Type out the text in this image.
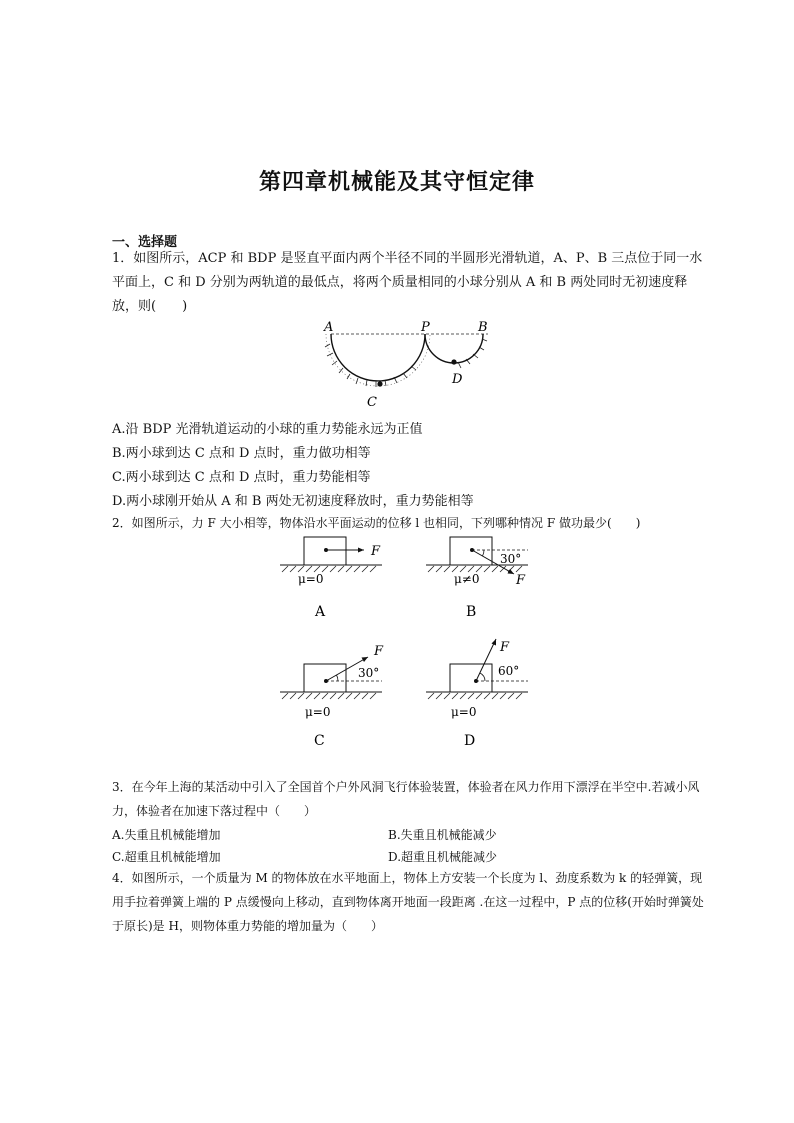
第四章机械能及其守恒定律
一、选择题
1．如图所示，ACP 和 BDP 是竖直平面内两个半径不同的半圆形光滑轨道，A、P、B 三点位于同一水平面上，C 和 D 分别为两轨道的最低点，将两个质量相同的小球分别从 A 和 B 两处同时无初速度释放，则(　　)
A	P	B
C
D
A.沿 BDP 光滑轨道运动的小球的重力势能永远为正值
B.两小球到达 C 点和 D 点时，重力做功相等
C.两小球到达 C 点和 D 点时，重力势能相等
D.两小球刚开始从 A 和 B 两处无初速度释放时，重力势能相等
2．如图所示，力 F 大小相等，物体沿水平面运动的位移 l 也相同，下列哪种情况 F 做功最少(　　)
F
μ=0
A
30°
F
μ≠0
B
30°
F
μ=0
C
60°
F
μ=0
D
3．在今年上海的某活动中引入了全国首个户外风洞飞行体验装置，体验者在风力作用下漂浮在半空中.若减小风力，体验者在加速下落过程中（　　）
A.失重且机械能增加	B.失重且机械能减少
C.超重且机械能增加	D.超重且机械能减少
4．如图所示，一个质量为 M 的物体放在水平地面上，物体上方安装一个长度为 l、劲度系数为 k 的轻弹簧，现用手拉着弹簧上端的 P 点缓慢向上移动，直到物体离开地面一段距离 .在这一过程中，P 点的位移(开始时弹簧处于原长)是 H，则物体重力势能的增加量为（　　）
